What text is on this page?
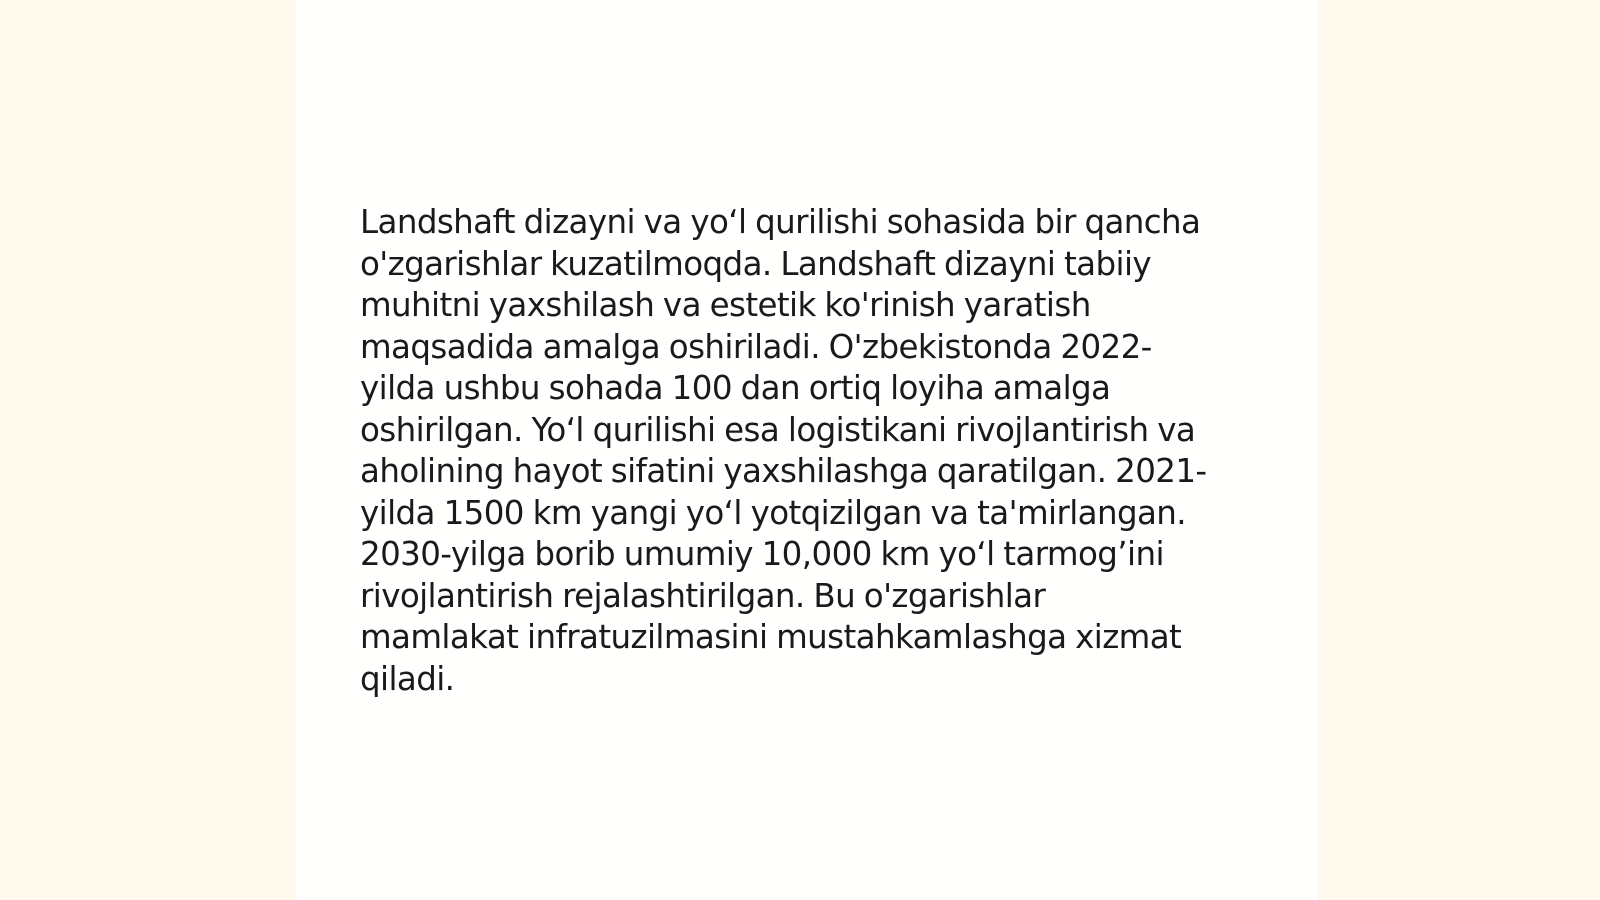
Landshaft dizayni va yo‘l qurilishi sohasida bir qancha
o'zgarishlar kuzatilmoqda. Landshaft dizayni tabiiy
muhitni yaxshilash va estetik ko'rinish yaratish
maqsadida amalga oshiriladi. O'zbekistonda 2022-
yilda ushbu sohada 100 dan ortiq loyiha amalga
oshirilgan. Yo‘l qurilishi esa logistikani rivojlantirish va
aholining hayot sifatini yaxshilashga qaratilgan. 2021-
yilda 1500 km yangi yo‘l yotqizilgan va ta'mirlangan.
2030-yilga borib umumiy 10,000 km yo‘l tarmog’ini
rivojlantirish rejalashtirilgan. Bu o'zgarishlar
mamlakat infratuzilmasini mustahkamlashga xizmat
qiladi.
